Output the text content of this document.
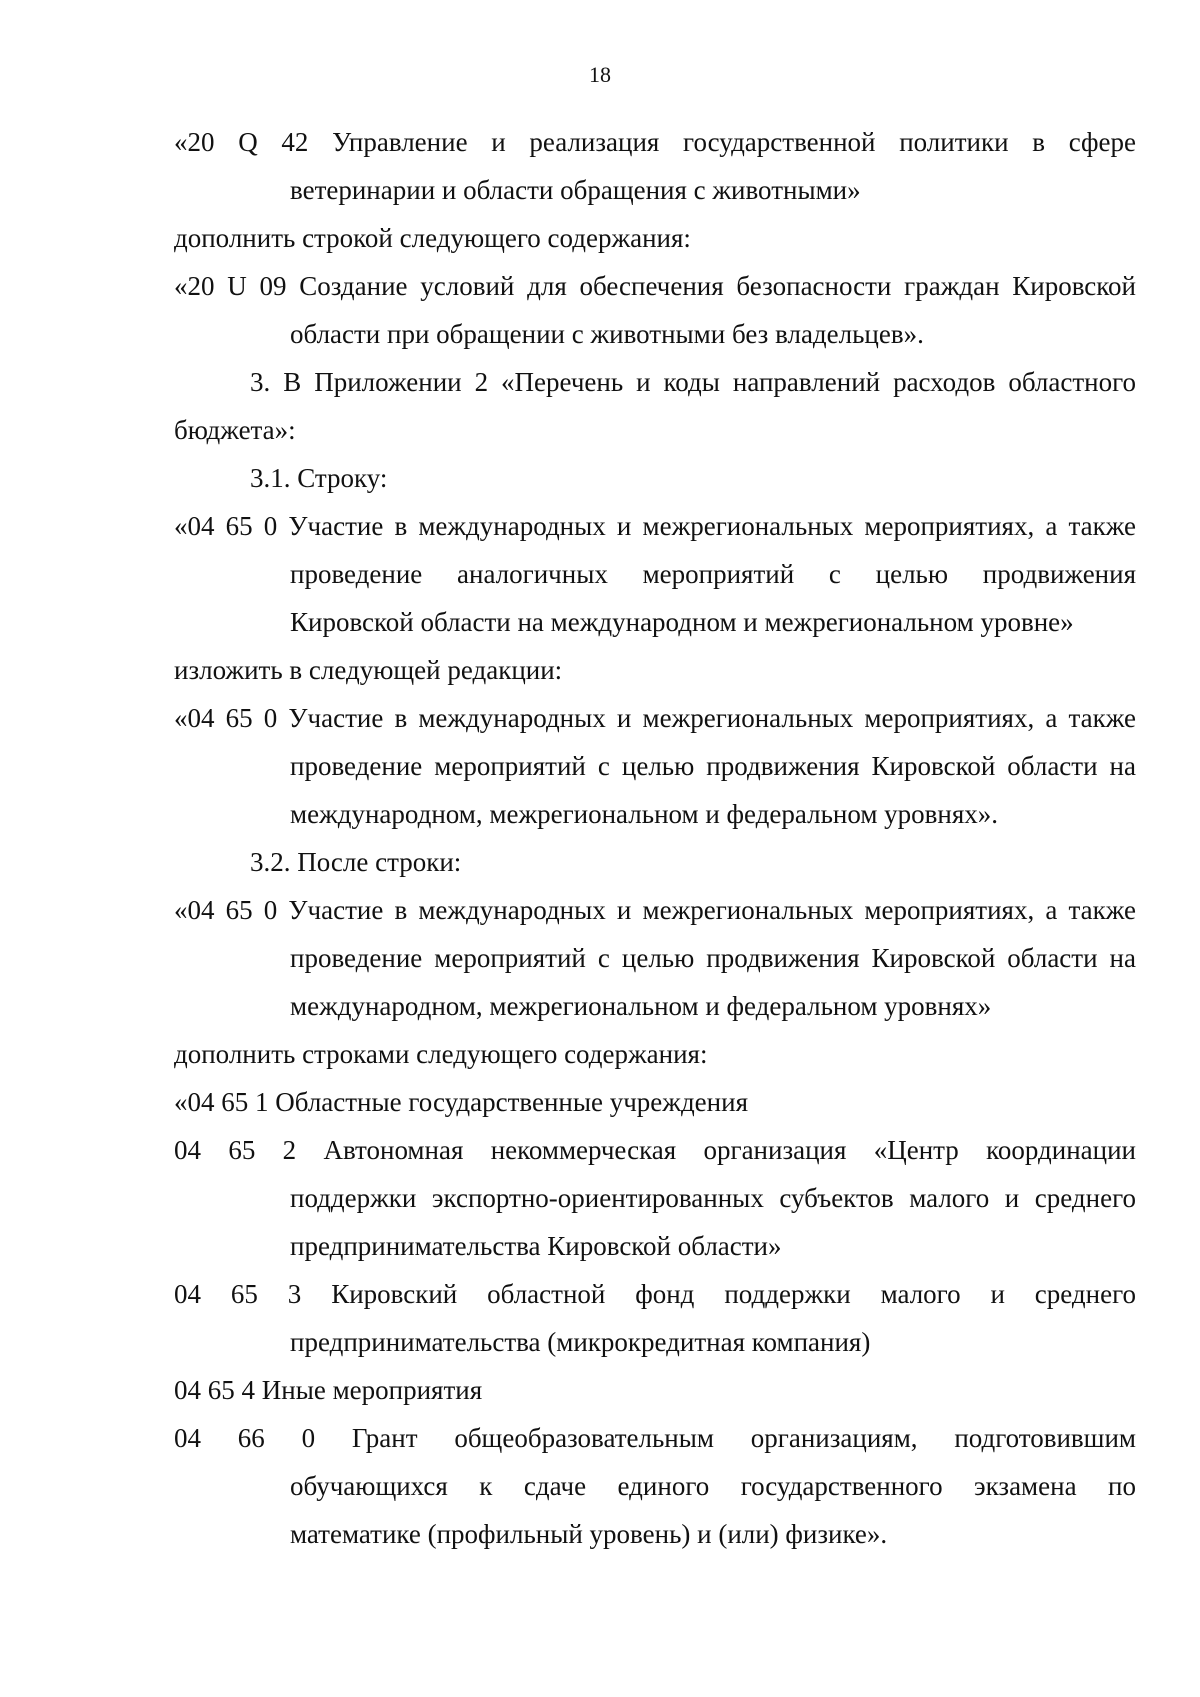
18
«20 Q 42 Управление и реализация государственной политики в сфере
ветеринарии и области обращения с животными»
дополнить строкой следующего содержания:
«20 U 09 Создание условий для обеспечения безопасности граждан Кировской
области при обращении с животными без владельцев».
3. В Приложении 2 «Перечень и коды направлений расходов областного
бюджета»:
3.1. Строку:
«04 65 0 Участие в международных и межрегиональных мероприятиях, а также
проведение аналогичных мероприятий с целью продвижения
Кировской области на международном и межрегиональном уровне»
изложить в следующей редакции:
«04 65 0 Участие в международных и межрегиональных мероприятиях, а также
проведение мероприятий с целью продвижения Кировской области на
международном, межрегиональном и федеральном уровнях».
3.2. После строки:
«04 65 0 Участие в международных и межрегиональных мероприятиях, а также
проведение мероприятий с целью продвижения Кировской области на
международном, межрегиональном и федеральном уровнях»
дополнить строками следующего содержания:
«04 65 1 Областные государственные учреждения
04 65 2 Автономная некоммерческая организация «Центр координации
поддержки экспортно-ориентированных субъектов малого и среднего
предпринимательства Кировской области»
04 65 3 Кировский областной фонд поддержки малого и среднего
предпринимательства (микрокредитная компания)
04 65 4 Иные мероприятия
04 66 0 Грант общеобразовательным организациям, подготовившим
обучающихся к сдаче единого государственного экзамена по
математике (профильный уровень) и (или) физике».
